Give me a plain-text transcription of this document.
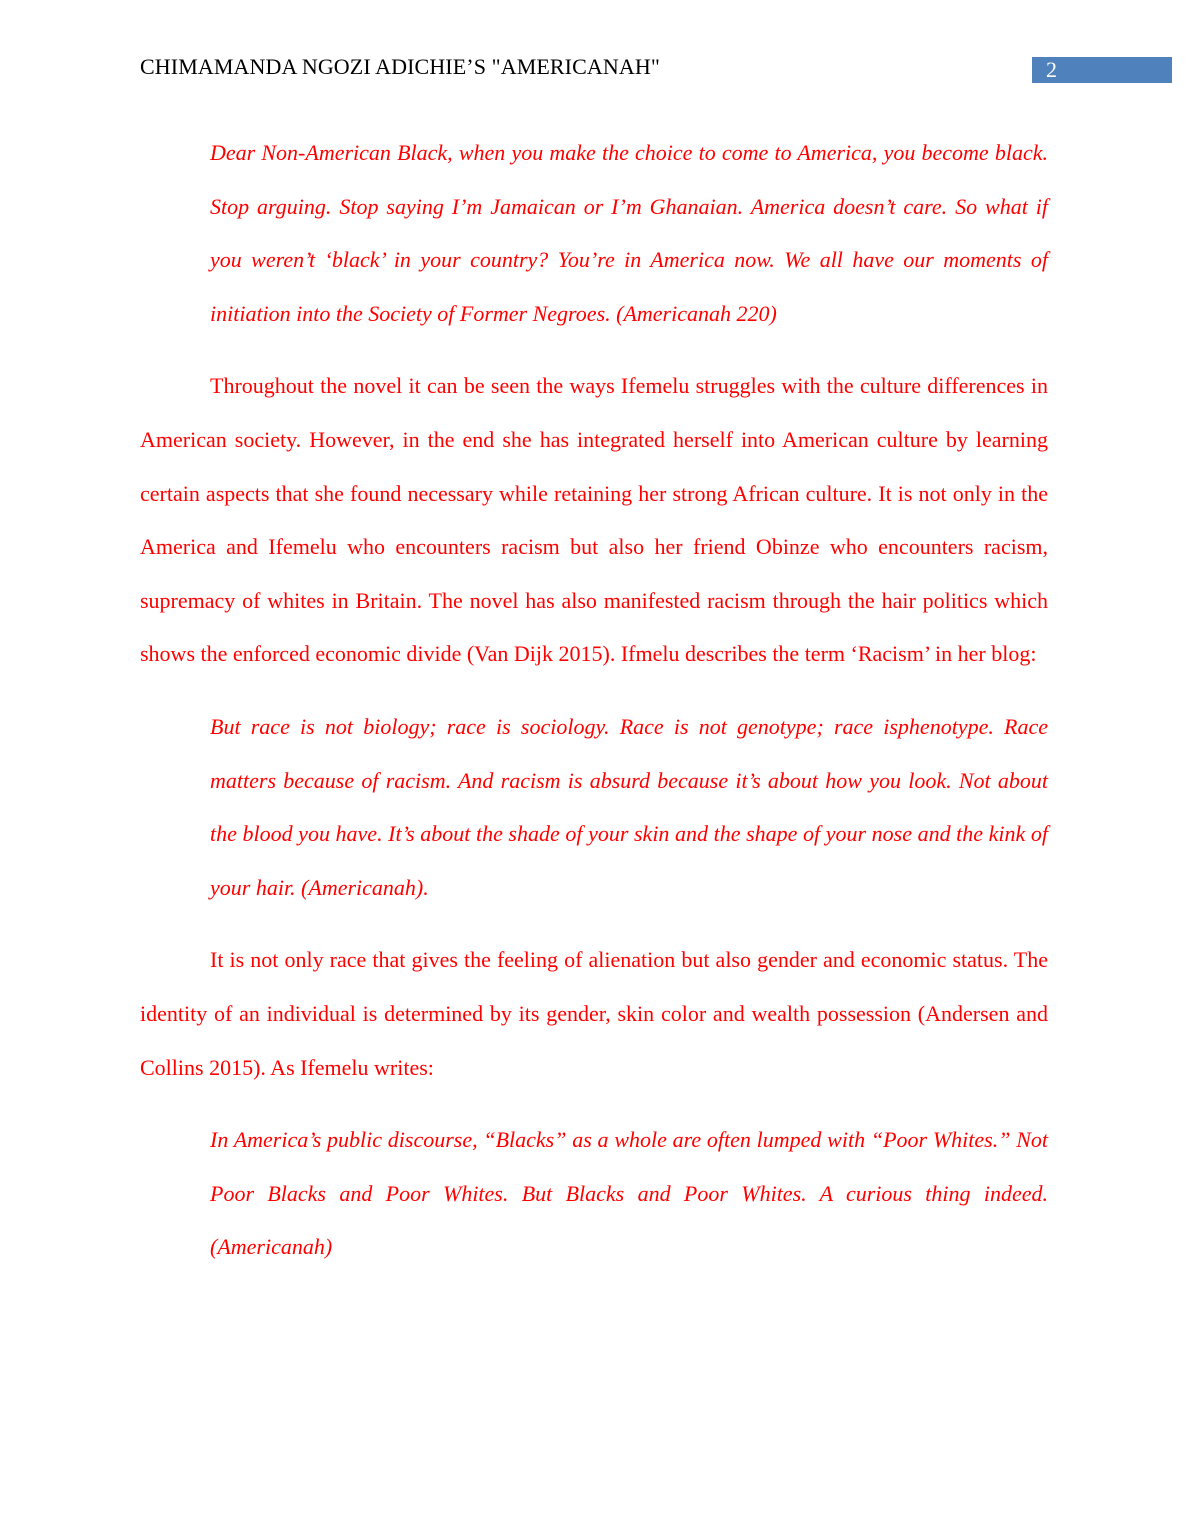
CHIMAMANDA NGOZI ADICHIE’S "AMERICANAH"	2

Dear Non-American Black, when you make the choice to come to America, you become black. Stop arguing. Stop saying I’m Jamaican or I’m Ghanaian. America doesn’t care. So what if you weren’t ‘black’ in your country? You’re in America now. We all have our moments of initiation into the Society of Former Negroes. (Americanah 220)

Throughout the novel it can be seen the ways Ifemelu struggles with the culture differences in American society. However, in the end she has integrated herself into American culture by learning certain aspects that she found necessary while retaining her strong African culture. It is not only in the America and Ifemelu who encounters racism but also her friend Obinze who encounters racism, supremacy of whites in Britain. The novel has also manifested racism through the hair politics which shows the enforced economic divide (Van Dijk 2015). Ifmelu describes the term ‘Racism’ in her blog:

But race is not biology; race is sociology. Race is not genotype; race isphenotype. Race matters because of racism. And racism is absurd because it’s about how you look. Not about the blood you have. It’s about the shade of your skin and the shape of your nose and the kink of your hair. (Americanah).

It is not only race that gives the feeling of alienation but also gender and economic status. The identity of an individual is determined by its gender, skin color and wealth possession (Andersen and Collins 2015). As Ifemelu writes:

In America’s public discourse, “Blacks” as a whole are often lumped with “Poor Whites.” Not Poor Blacks and Poor Whites. But Blacks and Poor Whites. A curious thing indeed. (Americanah)
